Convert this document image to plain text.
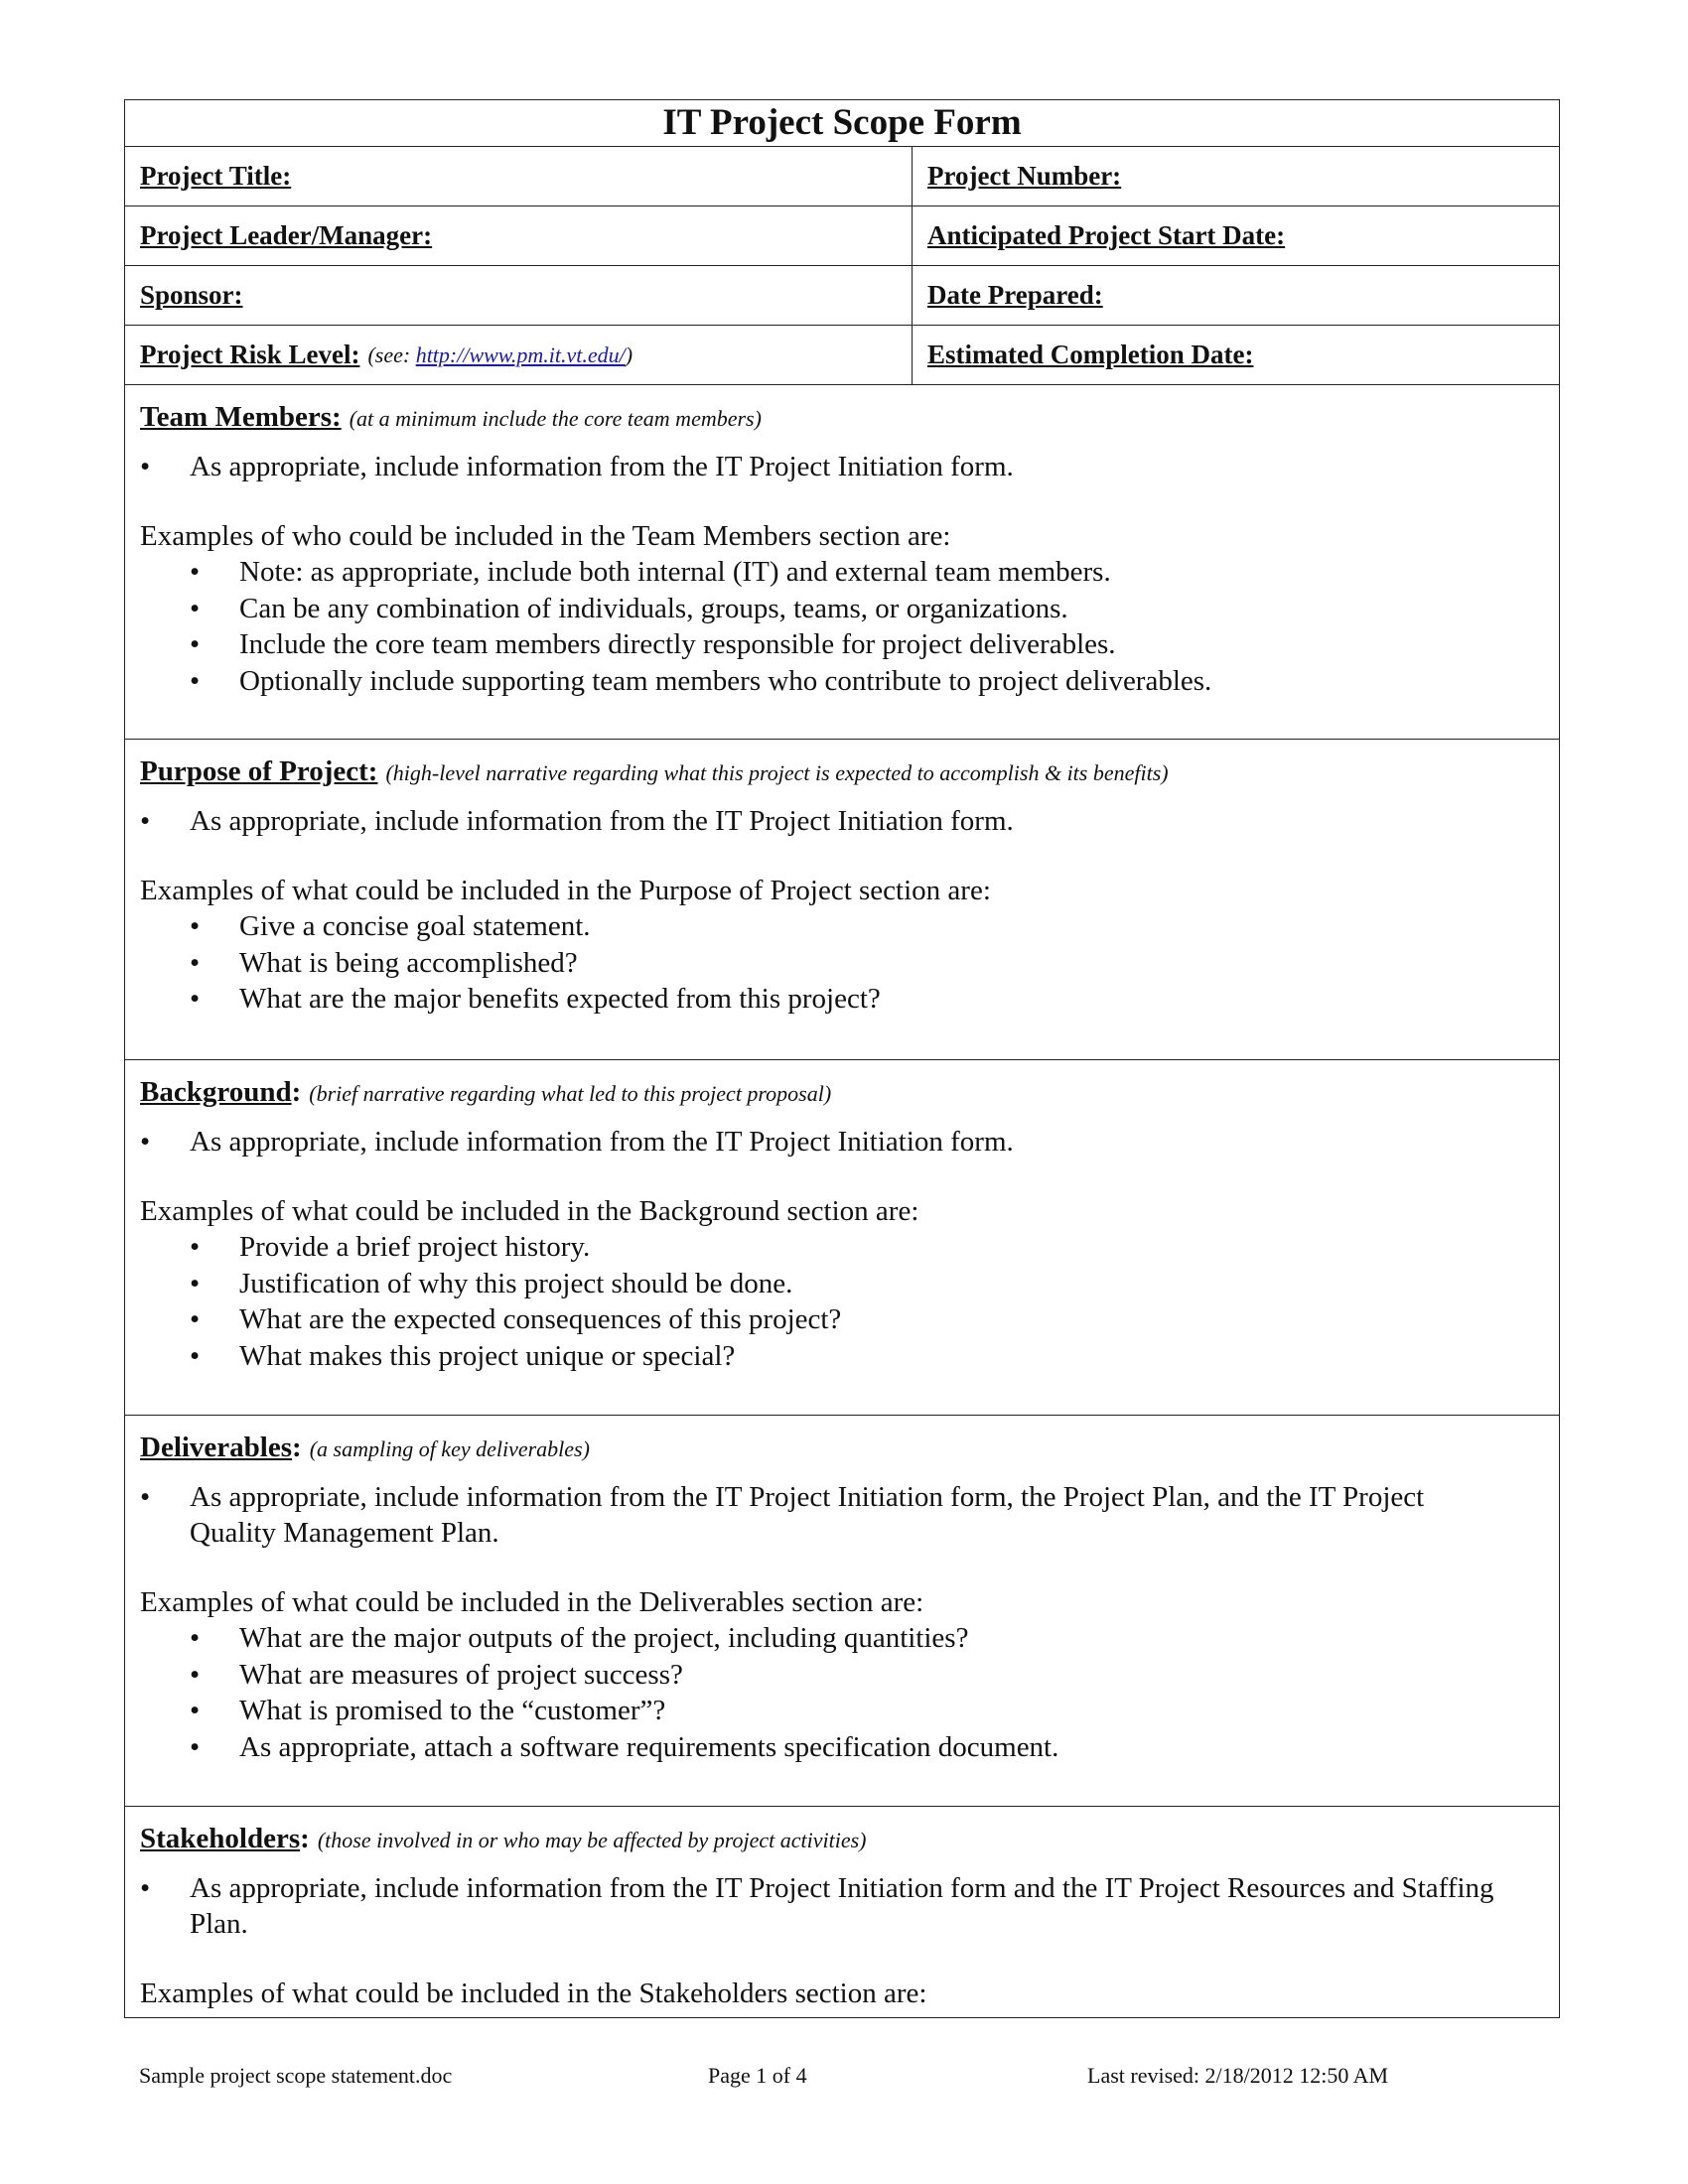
IT Project Scope Form
Project Title:	Project Number:
Project Leader/Manager:	Anticipated Project Start Date:
Sponsor:	Date Prepared:
Project Risk Level: (see: http://www.pm.it.vt.edu/)	Estimated Completion Date:
Team Members: (at a minimum include the core team members)
•	As appropriate, include information from the IT Project Initiation form.
Examples of who could be included in the Team Members section are:
•	Note: as appropriate, include both internal (IT) and external team members.
•	Can be any combination of individuals, groups, teams, or organizations.
•	Include the core team members directly responsible for project deliverables.
•	Optionally include supporting team members who contribute to project deliverables.
Purpose of Project: (high-level narrative regarding what this project is expected to accomplish & its benefits)
•	As appropriate, include information from the IT Project Initiation form.
Examples of what could be included in the Purpose of Project section are:
•	Give a concise goal statement.
•	What is being accomplished?
•	What are the major benefits expected from this project?
Background: (brief narrative regarding what led to this project proposal)
•	As appropriate, include information from the IT Project Initiation form.
Examples of what could be included in the Background section are:
•	Provide a brief project history.
•	Justification of why this project should be done.
•	What are the expected consequences of this project?
•	What makes this project unique or special?
Deliverables: (a sampling of key deliverables)
•	As appropriate, include information from the IT Project Initiation form, the Project Plan, and the IT Project Quality Management Plan.
Examples of what could be included in the Deliverables section are:
•	What are the major outputs of the project, including quantities?
•	What are measures of project success?
•	What is promised to the “customer”?
•	As appropriate, attach a software requirements specification document.
Stakeholders: (those involved in or who may be affected by project activities)
•	As appropriate, include information from the IT Project Initiation form and the IT Project Resources and Staffing Plan.
Examples of what could be included in the Stakeholders section are:
Sample project scope statement.doc	Page 1 of 4	Last revised: 2/18/2012 12:50 AM
